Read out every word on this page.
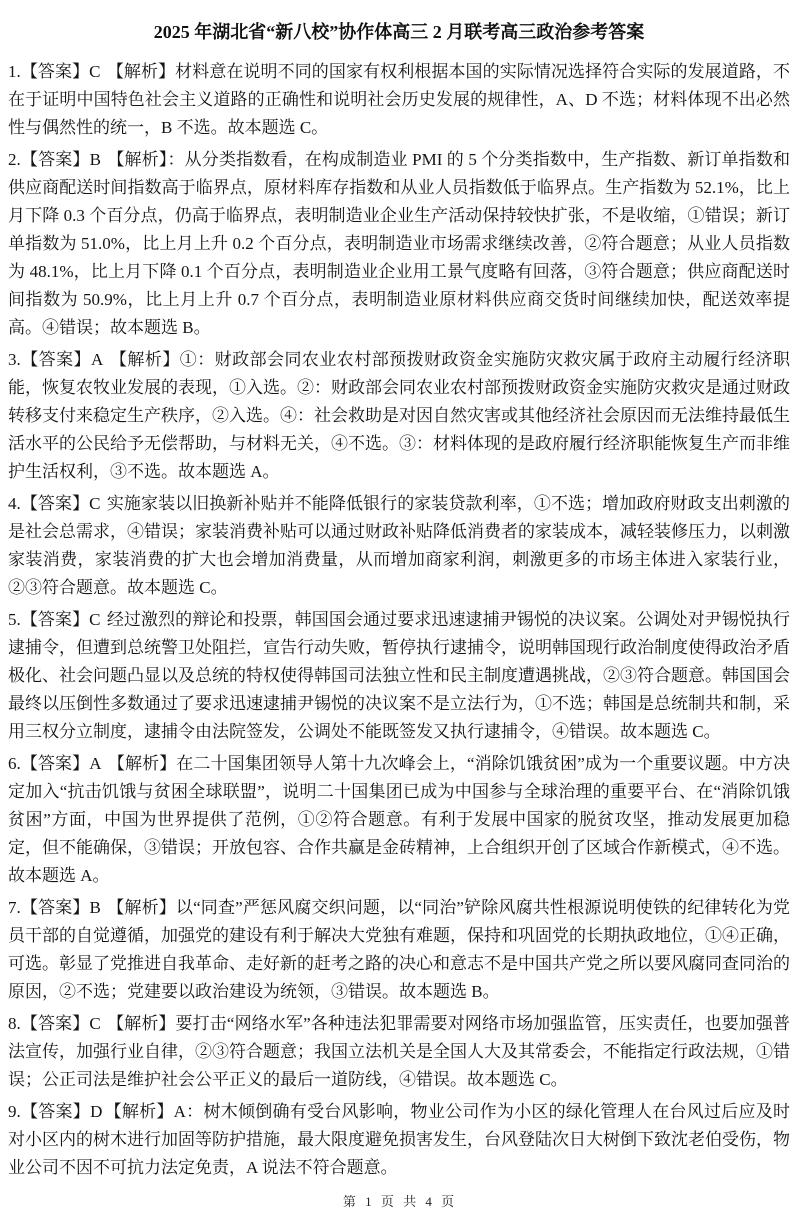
2025 年湖北省“新八校”协作体高三 2 月联考高三政治参考答案

1.【答案】C 【解析】材料意在说明不同的国家有权利根据本国的实际情况选择符合实际的发展道路，不在于证明中国特色社会主义道路的正确性和说明社会历史发展的规律性，A、D 不选；材料体现不出必然性与偶然性的统一，B 不选。故本题选 C。

2.【答案】B 【解析】：从分类指数看，在构成制造业 PMI 的 5 个分类指数中，生产指数、新订单指数和供应商配送时间指数高于临界点，原材料库存指数和从业人员指数低于临界点。生产指数为 52.1%，比上月下降 0.3 个百分点，仍高于临界点，表明制造业企业生产活动保持较快扩张，不是收缩，①错误；新订单指数为 51.0%，比上月上升 0.2 个百分点，表明制造业市场需求继续改善，②符合题意；从业人员指数为 48.1%，比上月下降 0.1 个百分点，表明制造业企业用工景气度略有回落，③符合题意；供应商配送时间指数为 50.9%，比上月上升 0.7 个百分点，表明制造业原材料供应商交货时间继续加快，配送效率提高。④错误；故本题选 B。

3.【答案】A 【解析】①：财政部会同农业农村部预拨财政资金实施防灾救灾属于政府主动履行经济职能，恢复农牧业发展的表现，①入选。②：财政部会同农业农村部预拨财政资金实施防灾救灾是通过财政转移支付来稳定生产秩序，②入选。④：社会救助是对因自然灾害或其他经济社会原因而无法维持最低生活水平的公民给予无偿帮助，与材料无关，④不选。③：材料体现的是政府履行经济职能恢复生产而非维护生活权利，③不选。故本题选 A。

4.【答案】C 实施家装以旧换新补贴并不能降低银行的家装贷款利率，①不选；增加政府财政支出刺激的是社会总需求，④错误；家装消费补贴可以通过财政补贴降低消费者的家装成本，减轻装修压力，以刺激家装消费，家装消费的扩大也会增加消费量，从而增加商家利润，刺激更多的市场主体进入家装行业，②③符合题意。故本题选 C。

5.【答案】C 经过激烈的辩论和投票，韩国国会通过要求迅速逮捕尹锡悦的决议案。公调处对尹锡悦执行逮捕令，但遭到总统警卫处阻拦，宣告行动失败，暂停执行逮捕令，说明韩国现行政治制度使得政治矛盾极化、社会问题凸显以及总统的特权使得韩国司法独立性和民主制度遭遇挑战，②③符合题意。韩国国会最终以压倒性多数通过了要求迅速逮捕尹锡悦的决议案不是立法行为，①不选；韩国是总统制共和制，采用三权分立制度，逮捕令由法院签发，公调处不能既签发又执行逮捕令，④错误。故本题选 C。

6.【答案】A 【解析】在二十国集团领导人第十九次峰会上，“消除饥饿贫困”成为一个重要议题。中方决定加入“抗击饥饿与贫困全球联盟”，说明二十国集团已成为中国参与全球治理的重要平台、在“消除饥饿贫困”方面，中国为世界提供了范例，①②符合题意。有利于发展中国家的脱贫攻坚，推动发展更加稳定，但不能确保，③错误；开放包容、合作共赢是金砖精神，上合组织开创了区域合作新模式，④不选。故本题选 A。

7.【答案】B 【解析】以“同查”严惩风腐交织问题，以“同治”铲除风腐共性根源说明使铁的纪律转化为党员干部的自觉遵循，加强党的建设有利于解决大党独有难题，保持和巩固党的长期执政地位，①④正确，可选。彰显了党推进自我革命、走好新的赶考之路的决心和意志不是中国共产党之所以要风腐同查同治的原因，②不选；党建要以政治建设为统领，③错误。故本题选 B。

8.【答案】C 【解析】要打击“网络水军”各种违法犯罪需要对网络市场加强监管，压实责任，也要加强普法宣传，加强行业自律，②③符合题意；我国立法机关是全国人大及其常委会，不能指定行政法规，①错误；公正司法是维护社会公平正义的最后一道防线，④错误。故本题选 C。

9.【答案】D 【解析】A：树木倾倒确有受台风影响，物业公司作为小区的绿化管理人在台风过后应及时对小区内的树木进行加固等防护措施，最大限度避免损害发生，台风登陆次日大树倒下致沈老伯受伤，物业公司不因不可抗力法定免责，A 说法不符合题意。

第 1 页 共 4 页
